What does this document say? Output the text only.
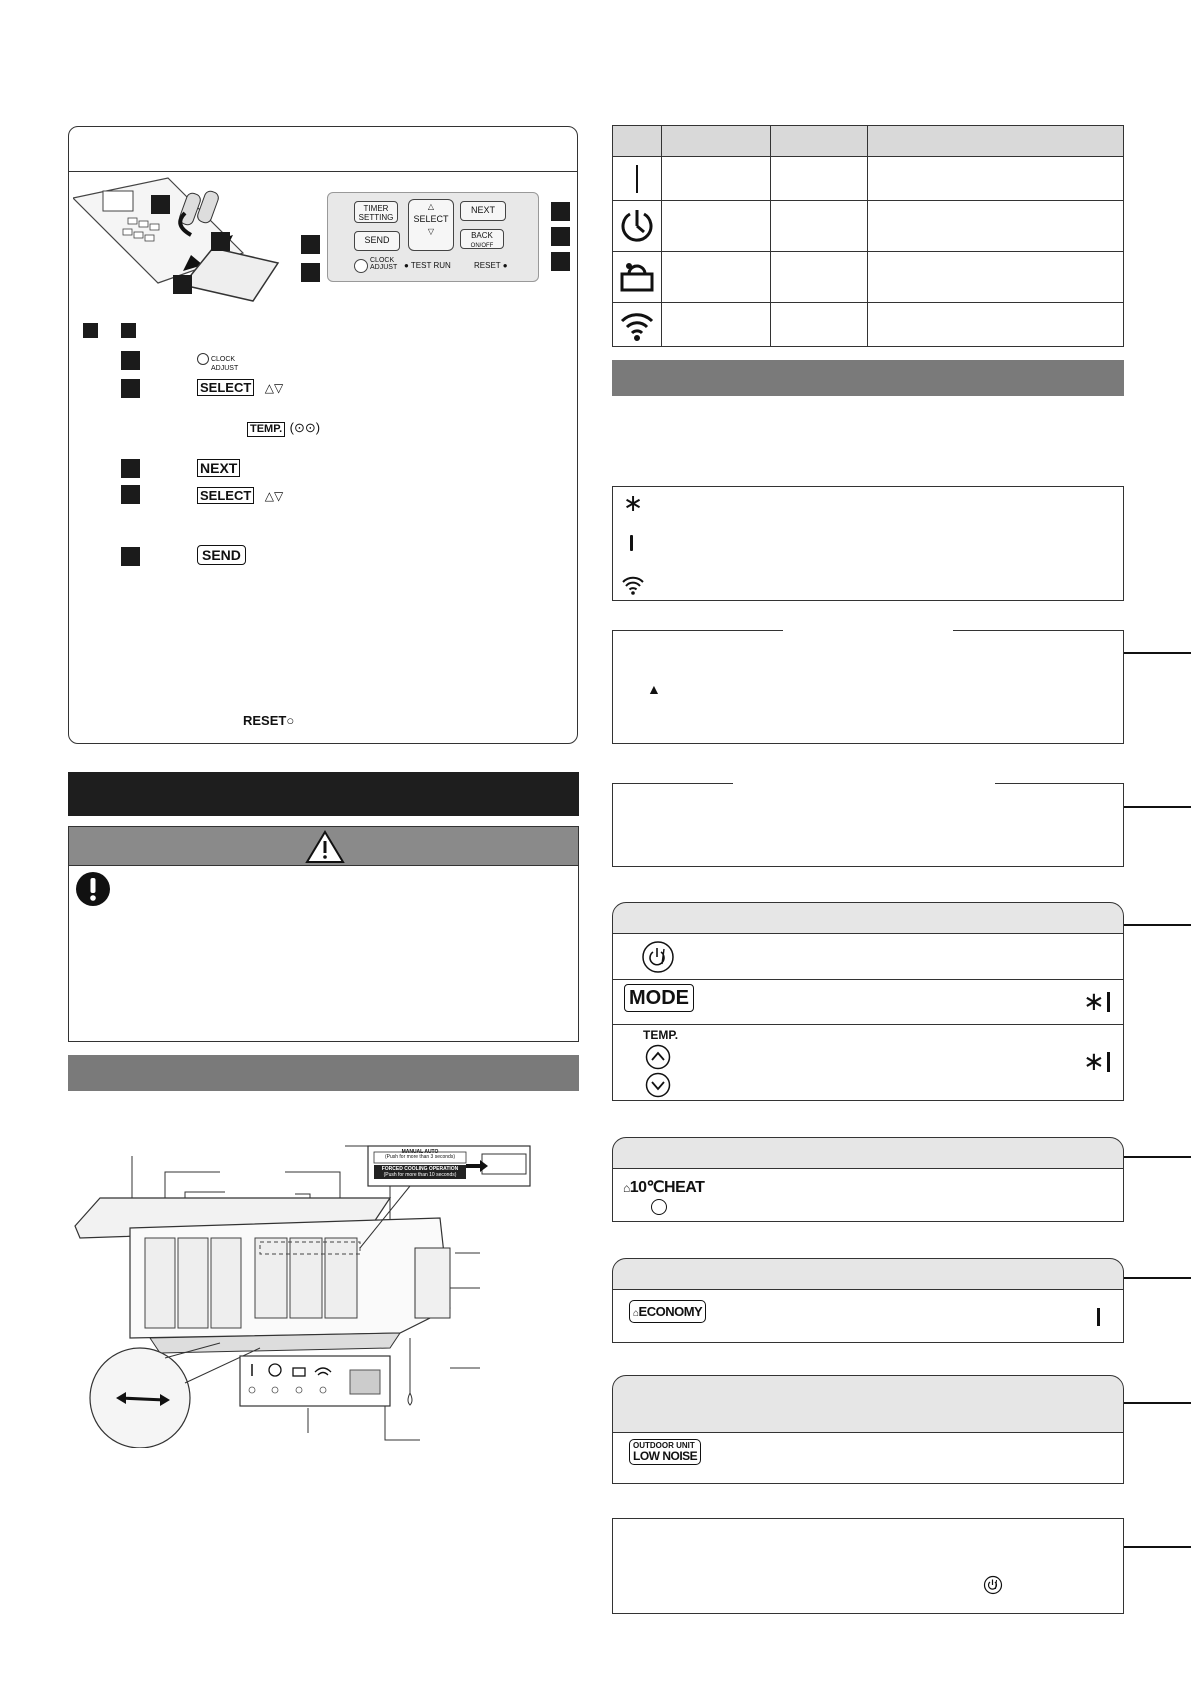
TIMER
SETTING
SEND
△
SELECT
▽
NEXT
BACK
ON/OFF
CLOCK
ADJUST ● TEST RUN	RESET ●
CLOCK
ADJUST
SELECT △▽
TEMP. (⊙⊙)
NEXT
SELECT △▽
SEND
RESET○
MANUAL AUTO
(Push for more than 3 seconds)
FORCED COOLING OPERATION
(Push for more than 10 seconds)

∗
▲
MODE	∗
TEMP.
∗
⌂10℃HEAT
⌂ECONOMY
OUTDOOR UNIT
LOW NOISE
